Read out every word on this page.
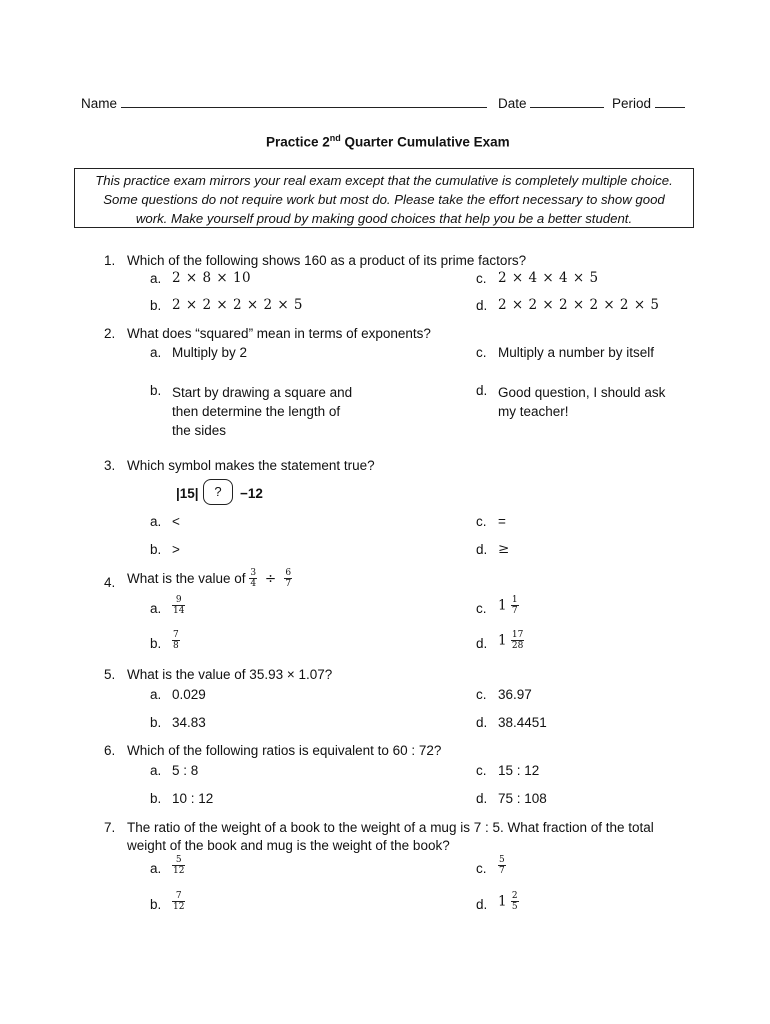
Name	Date	Period
Practice 2nd Quarter Cumulative Exam
This practice exam mirrors your real exam except that the cumulative is completely multiple choice.
Some questions do not require work but most do. Please take the effort necessary to show good
work. Make yourself proud by making good choices that help you be a better student.
1. Which of the following shows 160 as a product of its prime factors?
a. 2 × 8 × 10
b. 2 × 2 × 2 × 2 × 5
c. 2 × 4 × 4 × 5
d. 2 × 2 × 2 × 2 × 2 × 5
2. What does “squared” mean in terms of exponents?
a. Multiply by 2	c. Multiply a number by itself
b. Start by drawing a square and
then determine the length of
the sides
d. Good question, I should ask
my teacher!
3. Which symbol makes the statement true?
|15|	?	−12
a. <
b. >
c. =
d. ≥
4. What is the value of $\frac{3}{4} \div \frac{6}{7}$
a. $\frac{9}{14}$
b. $\frac{7}{8}$
c. $1 \frac{1}{7}$
d. $1 \frac{17}{28}$
5. What is the value of 35.93 × 1.07?
a. 0.029
b. 34.83
c. 36.97
d. 38.4451
6. Which of the following ratios is equivalent to 60 : 72?
a. 5 : 8
b. 10 : 12
c. 15 : 12
d. 75 : 108
7. The ratio of the weight of a book to the weight of a mug is 7 : 5. What fraction of the total
weight of the book and mug is the weight of the book?
a. $\frac{5}{12}$
b. $\frac{7}{12}$
c. $\frac{5}{7}$
d. $1 \frac{2}{5}$
